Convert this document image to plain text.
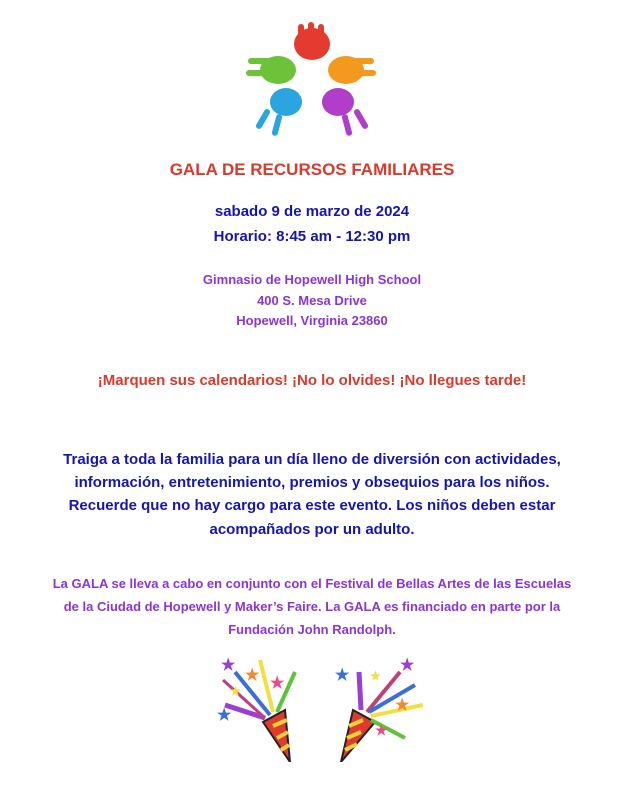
GALA DE RECURSOS FAMILIARES
sabado 9 de marzo de 2024
Horario: 8:45 am - 12:30 pm
Gimnasio de Hopewell High School
400 S. Mesa Drive
Hopewell, Virginia 23860
¡Marquen sus calendarios! ¡No lo olvides! ¡No llegues tarde!
Traiga a toda la familia para un día lleno de diversión con actividades,
información, entretenimiento, premios y obsequios para los niños.
Recuerde que no hay cargo para este evento. Los niños deben estar
acompañados por un adulto.
La GALA se lleva a cabo en conjunto con el Festival de Bellas Artes de las Escuelas
de la Ciudad de Hopewell y Maker’s Faire. La GALA es financiado en parte por la
Fundación John Randolph.
★
★ ★
★
★
★
★
★
★
★
